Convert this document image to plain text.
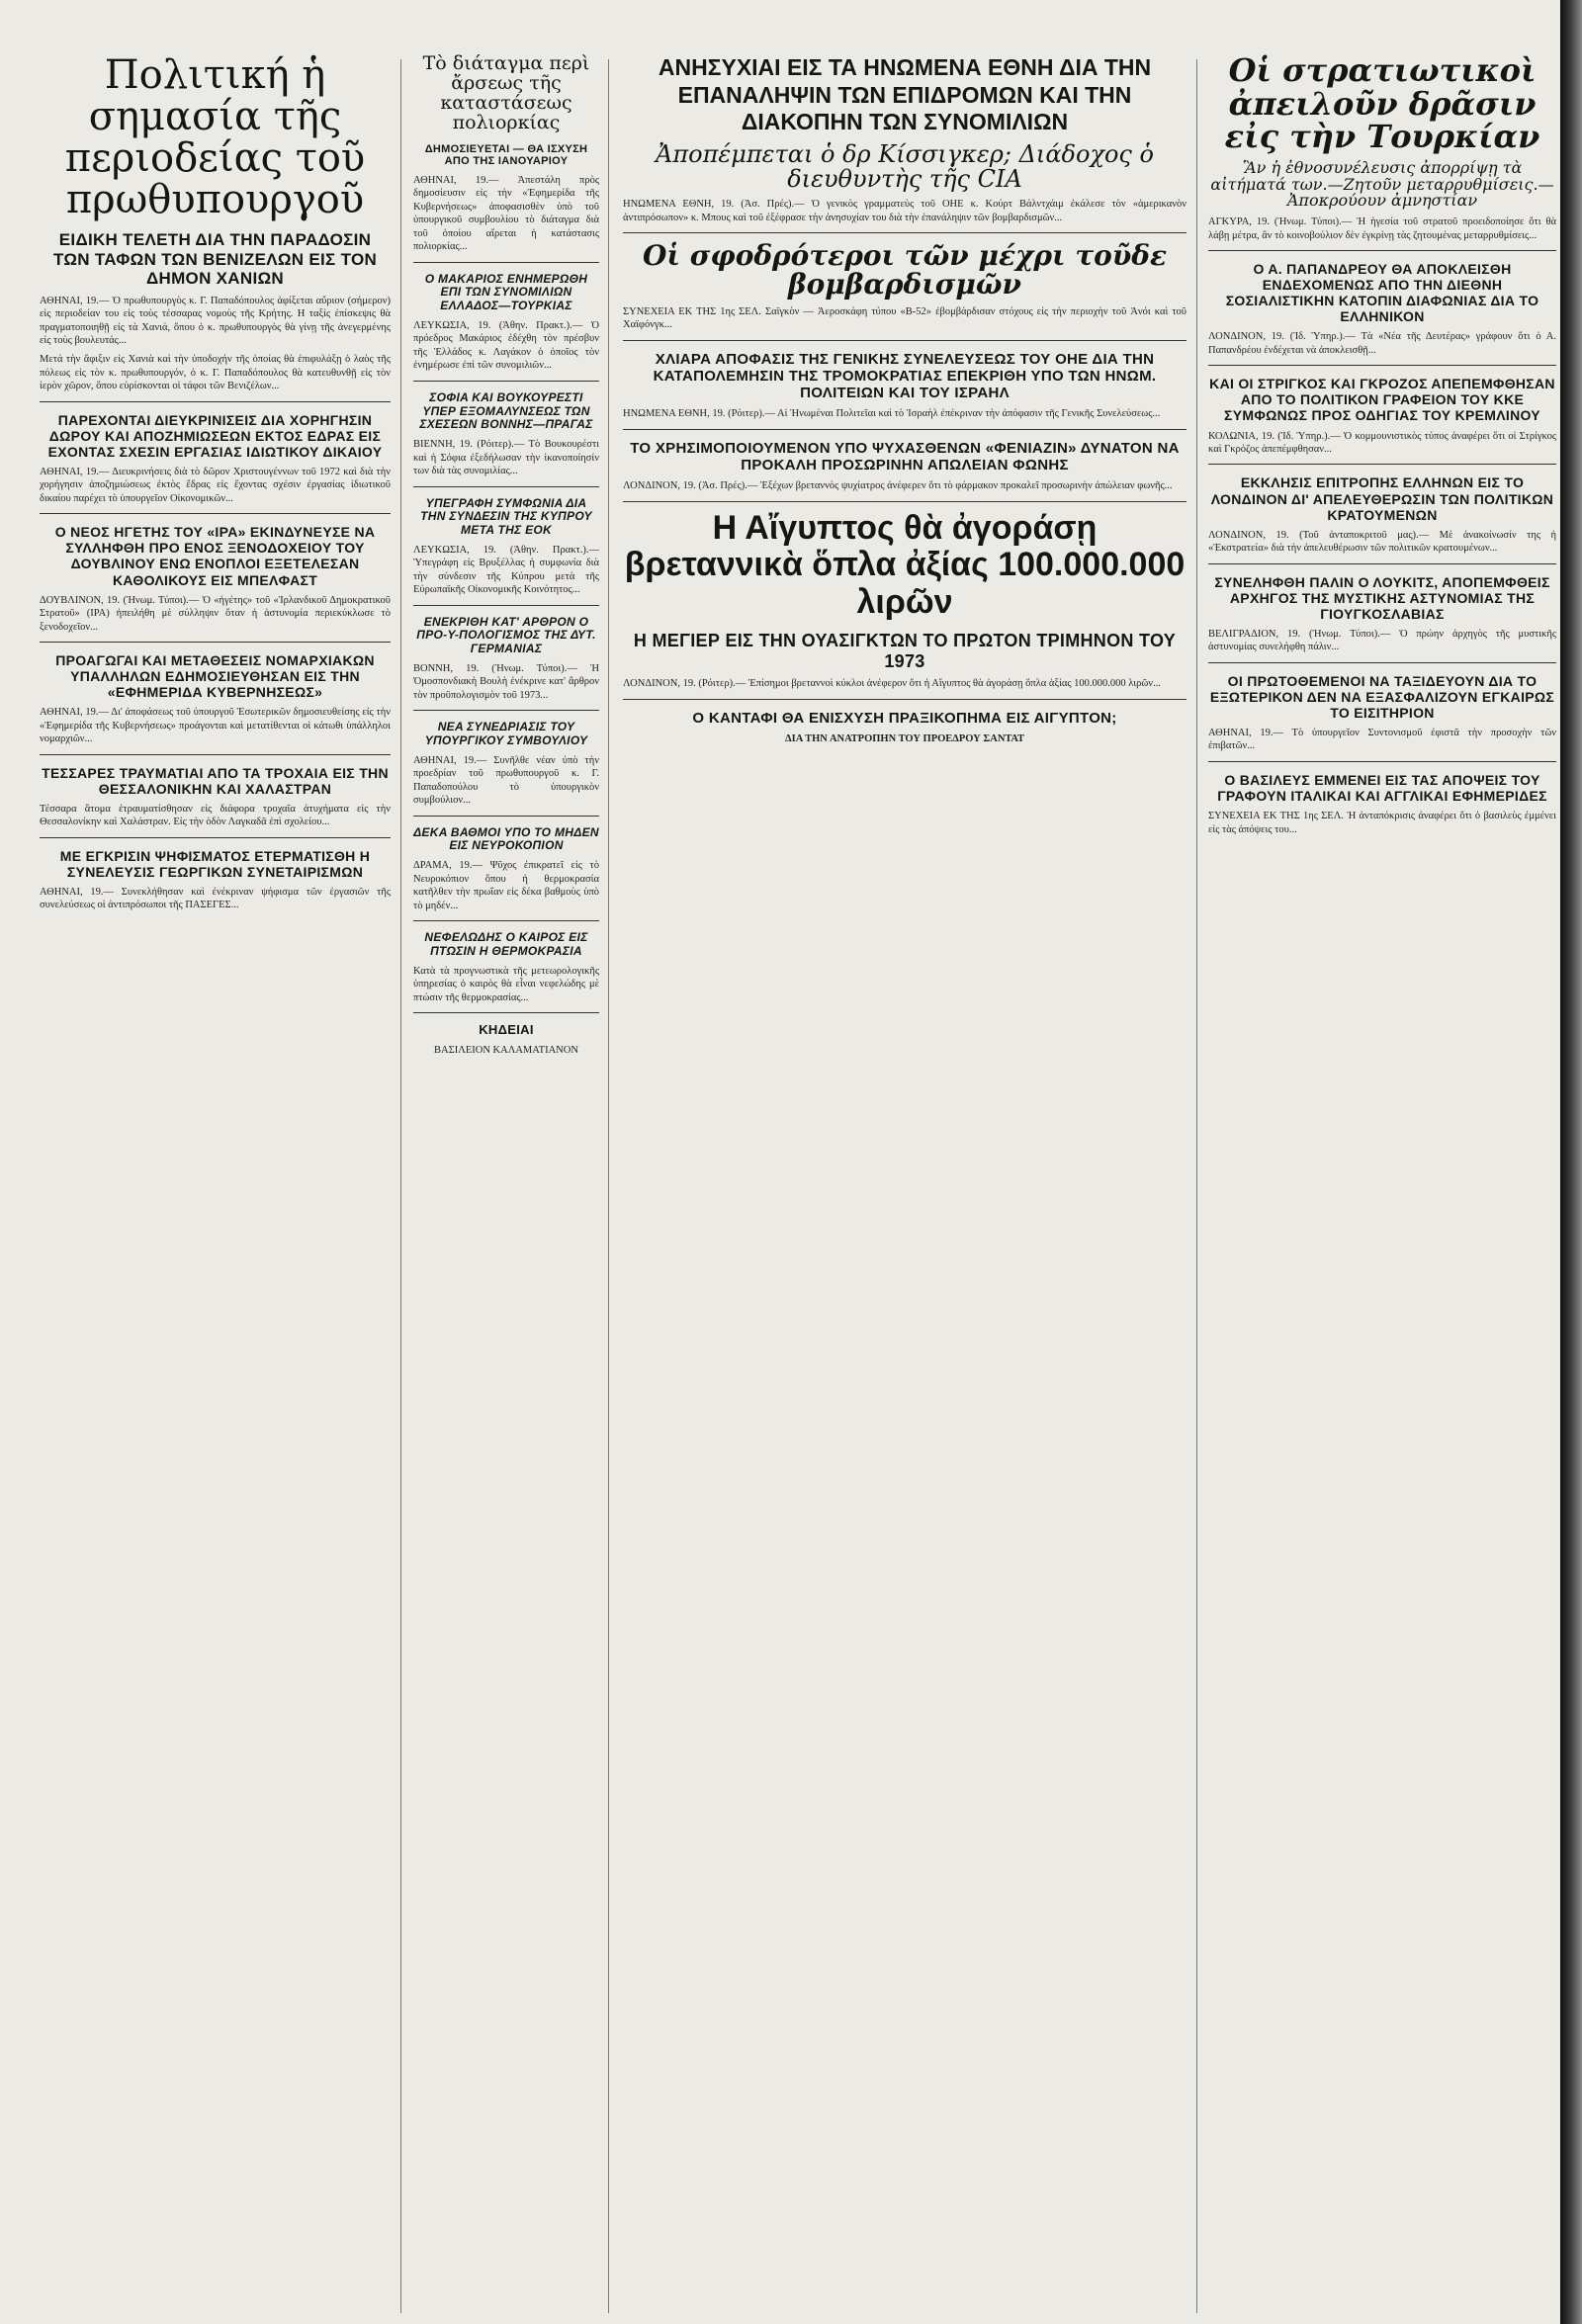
Πολιτική ἡ σημασία τῆς περιοδείας τοῦ πρωθυπουργοῦ
ΕΙΔΙΚΗ ΤΕΛΕΤΗ ΔΙΑ ΤΗΝ ΠΑΡΑΔΟΣΙΝ ΤΩΝ ΤΑΦΩΝ ΤΩΝ ΒΕΝΙΖΕΛΩΝ ΕΙΣ ΤΟΝ ΔΗΜΟΝ ΧΑΝΙΩΝ

ΑΘΗΝΑΙ, 19.— Ὁ πρωθυπουργὸς κ. Γ. Παπαδόπουλος ἀφίξεται αὔριον (σήμερον) εἰς περιοδείαν του εἰς τοὺς τέσσαρας νομοὺς τῆς Κρήτης. Η ταξίς ἐπίσκεψις θὰ πραγματοποιηθῇ εἰς τὰ Χανιά, ὅπου ὁ κ. πρωθυπουργὸς θὰ γίνῃ τῆς ἀνεγερμένης εἰς τοὺς βουλευτάς...

Μετά τὴν ἄφιξιν εἰς Χανιὰ καὶ τὴν ὑποδοχήν τῆς ὁποίας θὰ ἐπιφυλάξῃ ὁ λαὸς τῆς πόλεως εἰς τὸν κ. πρωθυπουργόν, ὁ κ. Γ. Παπαδόπουλος θὰ κατευθυνθῇ εἰς τὸν ἱερὸν χῶρον, ὅπου εὑρίσκονται οἱ τάφοι τῶν Βενιζέλων...

ΠΑΡΕΧΟΝΤΑΙ ΔΙΕΥΚΡΙΝΙΣΕΙΣ ΔΙΑ ΧΟΡΗΓΗΣΙΝ ΔΩΡΟΥ ΚΑΙ ΑΠΟΖΗΜΙΩΣΕΩΝ ΕΚΤΟΣ ΕΔΡΑΣ ΕΙΣ ΕΧΟΝΤΑΣ ΣΧΕΣΙΝ ΕΡΓΑΣΙΑΣ ΙΔΙΩΤΙΚΟΥ ΔΙΚΑΙΟΥ

ΑΘΗΝΑΙ, 19.— Διευκρινήσεις διὰ τὸ δῶρον Χριστουγέννων τοῦ 1972 καὶ διὰ τὴν χορήγησιν ἀποζημιώσεως ἐκτὸς ἕδρας εἰς ἔχοντας σχέσιν ἐργασίας ἰδιωτικοῦ δικαίου παρέχει τὸ ὑπουργεῖον Οἰκονομικῶν...

Ο ΝΕΟΣ ΗΓΕΤΗΣ ΤΟΥ «ΙΡΑ» ΕΚΙΝΔΥΝΕΥΣΕ ΝΑ ΣΥΛΛΗΦΘΗ ΠΡΟ ΕΝΟΣ ΞΕΝΟΔΟΧΕΙΟΥ ΤΟΥ ΔΟΥΒΛΙΝΟΥ ΕΝΩ ΕΝΟΠΛΟΙ ΕΞΕΤΕΛΕΣΑΝ ΚΑΘΟΛΙΚΟΥΣ ΕΙΣ ΜΠΕΛΦΑΣΤ

ΔΟΥΒΛΙΝΟΝ, 19. (Ἠνωμ. Τύποι).— Ὁ «ἡγέτης» τοῦ «Ἰρλανδικοῦ Δημοκρατικοῦ Στρατοῦ» (ΙΡΑ) ἠπειλήθη μὲ σύλληψιν ὅταν ἡ ἀστυνομία περιεκύκλωσε τὸ ξενοδοχεῖον...

ΠΡΟΑΓΩΓΑΙ ΚΑΙ ΜΕΤΑΘΕΣΕΙΣ ΝΟΜΑΡΧΙΑΚΩΝ ΥΠΑΛΛΗΛΩΝ ΕΔΗΜΟΣΙΕΥΘΗΣΑΝ ΕΙΣ ΤΗΝ «ΕΦΗΜΕΡΙΔΑ ΚΥΒΕΡΝΗΣΕΩΣ»

ΑΘΗΝΑΙ, 19.— Δι' ἀποφάσεως τοῦ ὑπουργοῦ Ἐσωτερικῶν δημοσιευθείσης εἰς τὴν «Ἐφημερίδα τῆς Κυβερνήσεως» προάγονται καὶ μετατίθενται οἱ κάτωθι ὑπάλληλοι νομαρχιῶν...

ΤΕΣΣΑΡΕΣ ΤΡΑΥΜΑΤΙΑΙ ΑΠΟ ΤΑ ΤΡΟΧΑΙΑ ΕΙΣ ΤΗΝ ΘΕΣΣΑΛΟΝΙΚΗΝ ΚΑΙ ΧΑΛΑΣΤΡΑΝ

Τέσσαρα ἄτομα ἐτραυματίσθησαν εἰς διάφορα τροχαῖα ἀτυχήματα εἰς τὴν Θεσσαλονίκην καὶ Χαλάστραν. Εἰς τὴν ὁδὸν Λαγκαδᾶ ἐπὶ σχολείου...

ΜΕ ΕΓΚΡΙΣΙΝ ΨΗΦΙΣΜΑΤΟΣ ΕΤΕΡΜΑΤΙΣΘΗ Η ΣΥΝΕΛΕΥΣΙΣ ΓΕΩΡΓΙΚΩΝ ΣΥΝΕΤΑΙΡΙΣΜΩΝ

ΑΘΗΝΑΙ, 19.— Συνεκλήθησαν καὶ ἐνέκριναν ψήφισμα τῶν ἐργασιῶν τῆς συνελεύσεως οἱ ἀντιπρόσωποι τῆς ΠΑΣΕΓΕΣ...

Τὸ διάταγμα περὶ ἄρσεως τῆς καταστάσεως πολιορκίας
ΔΗΜΟΣΙΕΥΕΤΑΙ — ΘΑ ΙΣΧΥΣΗ ΑΠΟ ΤΗΣ ΙΑΝΟΥΑΡΙΟΥ

ΑΘΗΝΑΙ, 19.— Ἀπεστάλη πρὸς δημοσίευσιν εἰς τὴν «Ἐφημερίδα τῆς Κυβερνήσεως» ἀποφασισθὲν ὑπὸ τοῦ ὑπουργικοῦ συμβουλίου τὸ διάταγμα διὰ τοῦ ὁποίου αἴρεται ἡ κατάστασις πολιορκίας...

Ο ΜΑΚΑΡΙΟΣ ΕΝΗΜΕΡΩΘΗ ΕΠΙ ΤΩΝ ΣΥΝΟΜΙΛΙΩΝ ΕΛΛΑΔΟΣ—ΤΟΥΡΚΙΑΣ

ΛΕΥΚΩΣΙΑ, 19. (Ἀθην. Πρακτ.).— Ὁ πρόεδρος Μακάριος ἐδέχθη τὸν πρέσβυν τῆς Ἑλλάδος κ. Λαγάκον ὁ ὁποῖος τὸν ἐνημέρωσε ἐπὶ τῶν συνομιλιῶν...

ΣΟΦΙΑ ΚΑΙ ΒΟΥΚΟΥΡΕΣΤΙ ΥΠΕΡ ΕΞΟΜΑΛΥΝΣΕΩΣ ΤΩΝ ΣΧΕΣΕΩΝ ΒΟΝΝΗΣ—ΠΡΑΓΑΣ

ΒΙΕΝΝΗ, 19. (Ρόιτερ).— Τὸ Βουκουρέστι καὶ ἡ Σόφια ἐξεδήλωσαν τὴν ἱκανοποίησίν των διὰ τὰς συνομιλίας...

ΥΠΕΓΡΑΦΗ ΣΥΜΦΩΝΙΑ ΔΙΑ ΤΗΝ ΣΥΝΔΕΣΙΝ ΤΗΣ ΚΥΠΡΟΥ ΜΕΤΑ ΤΗΣ ΕΟΚ

ΛΕΥΚΩΣΙΑ, 19. (Ἀθην. Πρακτ.).— Ὑπεγράφη εἰς Βρυξέλλας ἡ συμφωνία διὰ τὴν σύνδεσιν τῆς Κύπρου μετὰ τῆς Εὐρωπαϊκῆς Οἰκονομικῆς Κοινότητος...

ΕΝΕΚΡΙΘΗ ΚΑΤ' ΑΡΘΡΟΝ Ο ΠΡΟ-Υ-ΠΟΛΟΓΙΣΜΟΣ ΤΗΣ ΔΥΤ. ΓΕΡΜΑΝΙΑΣ

ΒΟΝΝΗ, 19. (Ἠνωμ. Τύποι).— Ἡ Ὁμοσπονδιακὴ Βουλὴ ἐνέκρινε κατ' ἄρθρον τὸν προϋπολογισμὸν τοῦ 1973...

ΝΕΑ ΣΥΝΕΔΡΙΑΣΙΣ ΤΟΥ ΥΠΟΥΡΓΙΚΟΥ ΣΥΜΒΟΥΛΙΟΥ

ΑΘΗΝΑΙ, 19.— Συνῆλθε νέαν ὑπὸ τὴν προεδρίαν τοῦ πρωθυπουργοῦ κ. Γ. Παπαδοπούλου τὸ ὑπουργικὸν συμβούλιον...

ΔΕΚΑ ΒΑΘΜΟΙ ΥΠΟ ΤΟ ΜΗΔΕΝ ΕΙΣ ΝΕΥΡΟΚΟΠΙΟΝ

ΔΡΑΜΑ, 19.— Ψῦχος ἐπικρατεῖ εἰς τὸ Νευροκόπιον ὅπου ἡ θερμοκρασία κατῆλθεν τὴν πρωΐαν εἰς δέκα βαθμοὺς ὑπὸ τὸ μηδέν...

ΝΕΦΕΛΩΔΗΣ Ο ΚΑΙΡΟΣ ΕΙΣ ΠΤΩΣΙΝ Η ΘΕΡΜΟΚΡΑΣΙΑ

Κατὰ τὰ προγνωστικὰ τῆς μετεωρολογικῆς ὑπηρεσίας ὁ καιρὸς θὰ εἶναι νεφελώδης μὲ πτώσιν τῆς θερμοκρασίας...

ΚΗΔΕΙΑΙ

ΒΑΣΙΛΕΙΟΝ ΚΑΛΑΜΑΤΙΑΝΟΝ

ΑΝΗΣΥΧΙΑΙ ΕΙΣ ΤΑ ΗΝΩΜΕΝΑ ΕΘΝΗ ΔΙΑ ΤΗΝ ΕΠΑΝΑΛΗΨΙΝ ΤΩΝ ΕΠΙΔΡΟΜΩΝ ΚΑΙ ΤΗΝ ΔΙΑΚΟΠΗΝ ΤΩΝ ΣΥΝΟΜΙΛΙΩΝ
Ἀποπέμπεται ὁ δρ Κίσσιγκερ; Διάδοχος ὁ διευθυντὴς τῆς CIA

ΗΝΩΜΕΝΑ ΕΘΝΗ, 19. (Ἀσ. Πρές).— Ὁ γενικὸς γραμματεὺς τοῦ ΟΗΕ κ. Κούρτ Βάλντχάιμ ἐκάλεσε τὸν «ἀμερικανὸν ἀντιπρόσωπον» κ. Μπους καὶ τοῦ ἐξέφρασε τὴν ἀνησυχίαν του διὰ τὴν ἐπανάληψιν τῶν βομβαρδισμῶν...

Οἱ σφοδρότεροι τῶν μέχρι τοῦδε βομβαρδισμῶν

ΣΥΝΕΧΕΙΑ ΕΚ ΤΗΣ 1ης ΣΕΛ. Σαϊγκὸν — Ἀεροσκάφη τύπου «Β-52» ἐβομβάρδισαν στόχους εἰς τὴν περιοχὴν τοῦ Ἀνόι καὶ τοῦ Χαϊφόνγκ...

ΧΛΙΑΡΑ ΑΠΟΦΑΣΙΣ ΤΗΣ ΓΕΝΙΚΗΣ ΣΥΝΕΛΕΥΣΕΩΣ ΤΟΥ ΟΗΕ ΔΙΑ ΤΗΝ ΚΑΤΑΠΟΛΕΜΗΣΙΝ ΤΗΣ ΤΡΟΜΟΚΡΑΤΙΑΣ ΕΠΕΚΡΙΘΗ ΥΠΟ ΤΩΝ ΗΝΩΜ. ΠΟΛΙΤΕΙΩΝ ΚΑΙ ΤΟΥ ΙΣΡΑΗΛ

ΗΝΩΜΕΝΑ ΕΘΝΗ, 19. (Ρόιτερ).— Αἱ Ἡνωμέναι Πολιτεῖαι καὶ τὸ Ἰσραὴλ ἐπέκριναν τὴν ἀπόφασιν τῆς Γενικῆς Συνελεύσεως...

ΤΟ ΧΡΗΣΙΜΟΠΟΙΟΥΜΕΝΟΝ ΥΠΟ ΨΥΧΑΣΘΕΝΩΝ «ΦΕΝΙΑΖΙΝ» ΔΥΝΑΤΟΝ ΝΑ ΠΡΟΚΑΛΗ ΠΡΟΣΩΡΙΝΗΝ ΑΠΩΛΕΙΑΝ ΦΩΝΗΣ

ΛΟΝΔΙΝΟΝ, 19. (Ἀσ. Πρές).— Ἐξέχων βρεταννὸς ψυχίατρος ἀνέφερεν ὅτι τὸ φάρμακον προκαλεῖ προσωρινὴν ἀπώλειαν φωνῆς...

Η Αἴγυπτος θὰ ἀγοράσῃ βρεταννικὰ ὅπλα ἀξίας 100.000.000 λιρῶν
Η ΜΕΓΙΕΡ ΕΙΣ ΤΗΝ ΟΥΑΣΙΓΚΤΩΝ ΤΟ ΠΡΩΤΟΝ ΤΡΙΜΗΝΟΝ ΤΟΥ 1973

ΛΟΝΔΙΝΟΝ, 19. (Ρόιτερ).— Ἐπίσημοι βρεταννοὶ κύκλοι ἀνέφερον ὅτι ἡ Αἴγυπτος θὰ ἀγοράσῃ ὅπλα ἀξίας 100.000.000 λιρῶν...

Ο ΚΑΝΤΑΦΙ ΘΑ ΕΝΙΣΧΥΣΗ ΠΡΑΞΙΚΟΠΗΜΑ ΕΙΣ ΑΙΓΥΠΤΟΝ;

ΔΙΑ ΤΗΝ ΑΝΑΤΡΟΠΗΝ ΤΟΥ ΠΡΟΕΔΡΟΥ ΣΑΝΤΑΤ

Οἱ στρατιωτικοὶ ἀπειλοῦν δρᾶσιν εἰς τὴν Τουρκίαν
Ἂν ἡ ἐθνοσυνέλευσις ἀπορρίψῃ τὰ αἰτήματά των.—Ζητοῦν μεταρρυθμίσεις.— Ἀποκρούουν ἀμνηστίαν

ΑΓΚΥΡΑ, 19. (Ἠνωμ. Τύποι).— Ἡ ἡγεσία τοῦ στρατοῦ προειδοποίησε ὅτι θὰ λάβῃ μέτρα, ἂν τὸ κοινοβούλιον δὲν ἐγκρίνῃ τὰς ζητουμένας μεταρρυθμίσεις...

Ο Α. ΠΑΠΑΝΔΡΕΟΥ ΘΑ ΑΠΟΚΛΕΙΣΘΗ ΕΝΔΕΧΟΜΕΝΩΣ ΑΠΟ ΤΗΝ ΔΙΕΘΝΗ ΣΟΣΙΑΛΙΣΤΙΚΗΝ ΚΑΤΟΠΙΝ ΔΙΑΦΩΝΙΑΣ ΔΙΑ ΤΟ ΕΛΛΗΝΙΚΟΝ

ΛΟΝΔΙΝΟΝ, 19. (Ἰδ. Ὑπηρ.).— Τὰ «Νέα τῆς Δευτέρας» γράφουν ὅτι ὁ Α. Παπανδρέου ἐνδέχεται νὰ ἀποκλεισθῇ...

ΚΑΙ ΟΙ ΣΤΡΙΓΚΟΣ ΚΑΙ ΓΚΡΟΖΟΣ ΑΠΕΠΕΜΦΘΗΣΑΝ ΑΠΟ ΤΟ ΠΟΛΙΤΙΚΟΝ ΓΡΑΦΕΙΟΝ ΤΟΥ ΚΚΕ ΣΥΜΦΩΝΩΣ ΠΡΟΣ ΟΔΗΓΙΑΣ ΤΟΥ ΚΡΕΜΛΙΝΟΥ

ΚΟΛΩΝΙΑ, 19. (Ἰδ. Ὑπηρ.).— Ὁ κομμουνιστικὸς τύπος ἀναφέρει ὅτι οἱ Στρίγκος καὶ Γκρόζος ἀπεπέμφθησαν...

ΕΚΚΛΗΣΙΣ ΕΠΙΤΡΟΠΗΣ ΕΛΛΗΝΩΝ ΕΙΣ ΤΟ ΛΟΝΔΙΝΟΝ ΔΙ' ΑΠΕΛΕΥΘΕΡΩΣΙΝ ΤΩΝ ΠΟΛΙΤΙΚΩΝ ΚΡΑΤΟΥΜΕΝΩΝ

ΛΟΝΔΙΝΟΝ, 19. (Τοῦ ἀνταποκριτοῦ μας).— Μὲ ἀνακοίνωσίν της ἡ «Ἐκστρατεία» διὰ τὴν ἀπελευθέρωσιν τῶν πολιτικῶν κρατουμένων...

ΣΥΝΕΛΗΦΘΗ ΠΑΛΙΝ Ο ΛΟΥΚΙΤΣ, ΑΠΟΠΕΜΦΘΕΙΣ ΑΡΧΗΓΟΣ ΤΗΣ ΜΥΣΤΙΚΗΣ ΑΣΤΥΝΟΜΙΑΣ ΤΗΣ ΓΙΟΥΓΚΟΣΛΑΒΙΑΣ

ΒΕΛΙΓΡΑΔΙΟΝ, 19. (Ἠνωμ. Τύποι).— Ὁ πρώην ἀρχηγὸς τῆς μυστικῆς ἀστυνομίας συνελήφθη πάλιν...

ΟΙ ΠΡΩΤΟΘΕΜΕΝΟΙ ΝΑ ΤΑΞΙΔΕΥΟΥΝ ΔΙΑ ΤΟ ΕΞΩΤΕΡΙΚΟΝ ΔΕΝ ΝΑ ΕΞΑΣΦΑΛΙΖΟΥΝ ΕΓΚΑΙΡΩΣ ΤΟ ΕΙΣΙΤΗΡΙΟΝ

ΑΘΗΝΑΙ, 19.— Τὸ ὑπουργεῖον Συντονισμοῦ ἐφιστᾶ τὴν προσοχὴν τῶν ἐπιβατῶν...

Ο ΒΑΣΙΛΕΥΣ ΕΜΜΕΝΕΙ ΕΙΣ ΤΑΣ ΑΠΟΨΕΙΣ ΤΟΥ ΓΡΑΦΟΥΝ ΙΤΑΛΙΚΑΙ ΚΑΙ ΑΓΓΛΙΚΑΙ ΕΦΗΜΕΡΙΔΕΣ

ΣΥΝΕΧΕΙΑ ΕΚ ΤΗΣ 1ης ΣΕΛ. Ἡ ἀνταπόκρισις ἀναφέρει ὅτι ὁ βασιλεὺς ἐμμένει εἰς τὰς ἀπόψεις του...
